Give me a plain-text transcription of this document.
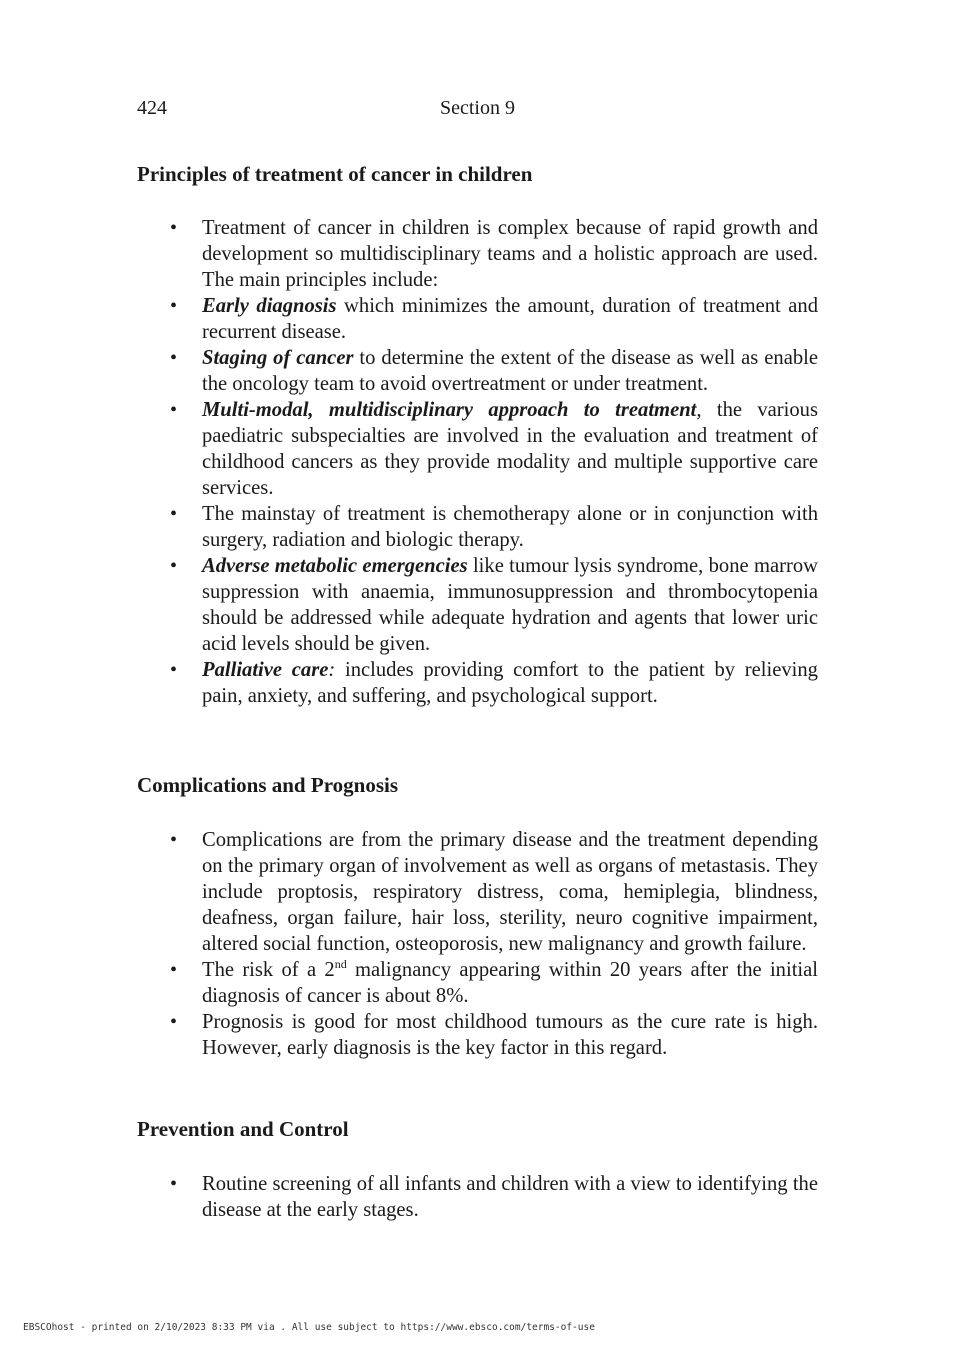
424	Section 9
Principles of treatment of cancer in children
• Treatment of cancer in children is complex because of rapid growth and development so multidisciplinary teams and a holistic approach are used. The main principles include:
• Early diagnosis which minimizes the amount, duration of treatment and recurrent disease.
• Staging of cancer to determine the extent of the disease as well as enable the oncology team to avoid overtreatment or under treatment.
• Multi-modal, multidisciplinary approach to treatment, the various paediatric subspecialties are involved in the evaluation and treatment of childhood cancers as they provide modality and multiple supportive care services.
• The mainstay of treatment is chemotherapy alone or in conjunction with surgery, radiation and biologic therapy.
• Adverse metabolic emergencies like tumour lysis syndrome, bone marrow suppression with anaemia, immunosuppression and thrombocytopenia should be addressed while adequate hydration and agents that lower uric acid levels should be given.
• Palliative care: includes providing comfort to the patient by relieving pain, anxiety, and suffering, and psychological support.
Complications and Prognosis
• Complications are from the primary disease and the treatment depending on the primary organ of involvement as well as organs of metastasis. They include proptosis, respiratory distress, coma, hemiplegia, blindness, deafness, organ failure, hair loss, sterility, neuro cognitive impairment, altered social function, osteoporosis, new malignancy and growth failure.
• The risk of a 2nd malignancy appearing within 20 years after the initial diagnosis of cancer is about 8%.
• Prognosis is good for most childhood tumours as the cure rate is high. However, early diagnosis is the key factor in this regard.
Prevention and Control
• Routine screening of all infants and children with a view to identifying the disease at the early stages.
EBSCOhost - printed on 2/10/2023 8:33 PM via . All use subject to https://www.ebsco.com/terms-of-use
